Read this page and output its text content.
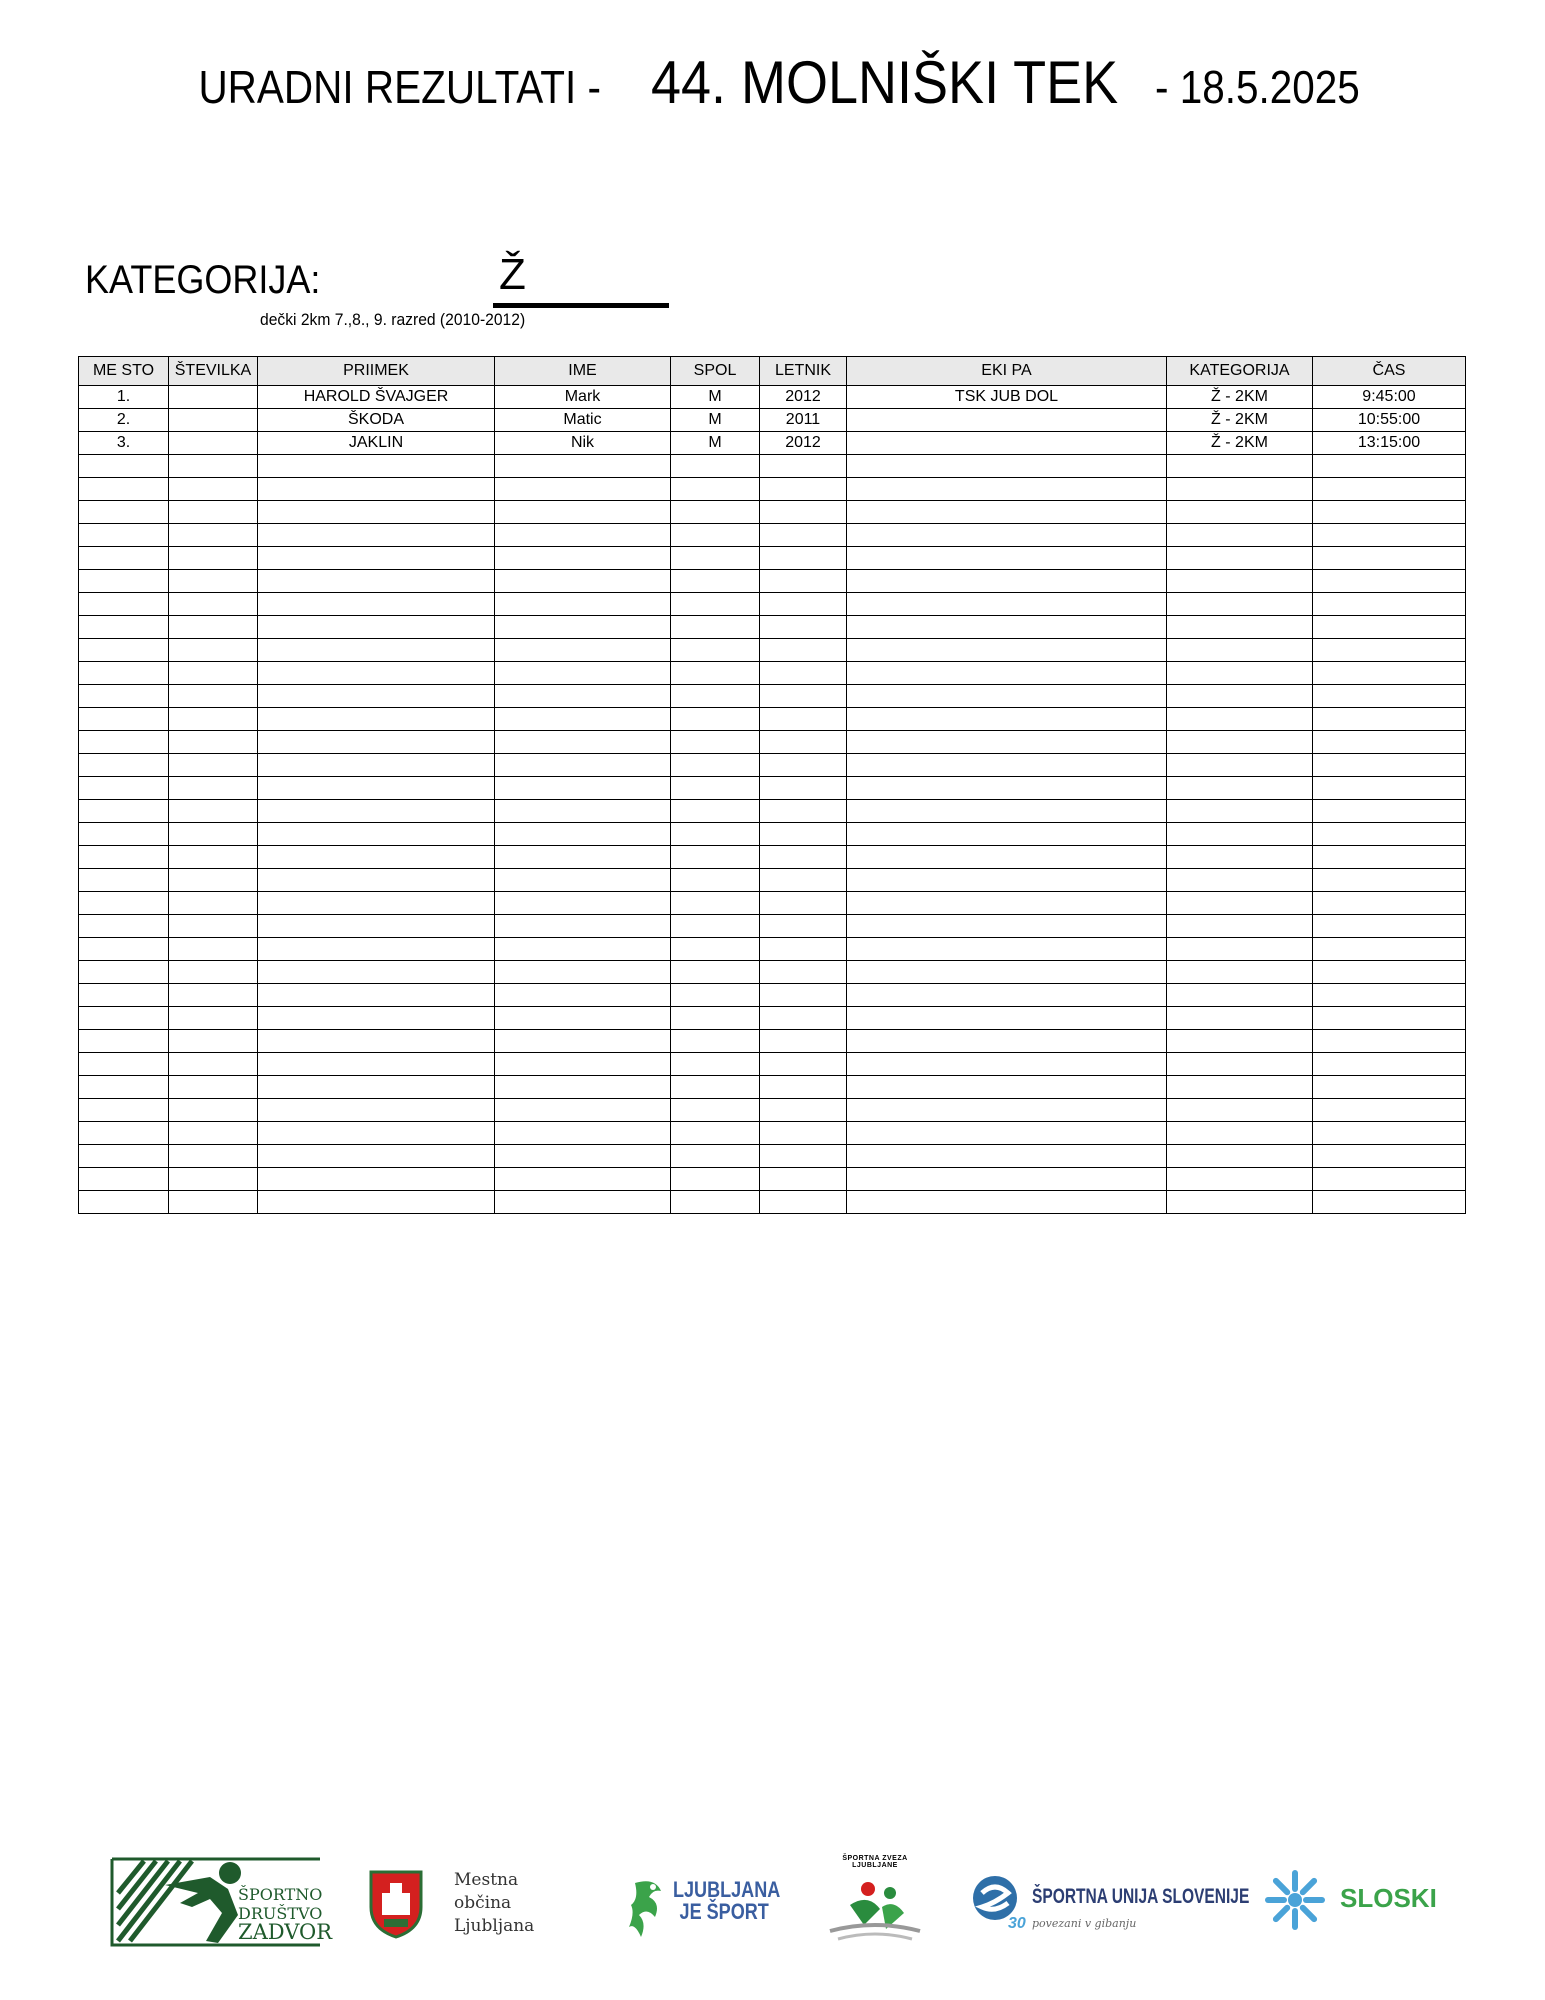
URADNI REZULTATI - 44. MOLNIŠKI TEK - 18.5.2025
KATEGORIJA:	Ž
dečki 2km 7.,8., 9. razred (2010-2012)
ME STO	ŠTEVILKA	PRIIMEK	IME	SPOL	LETNIK	EKI PA	KATEGORIJA	ČAS
1.		HAROLD ŠVAJGER	Mark	M	2012	TSK JUB DOL	Ž - 2KM	9:45:00
2.		ŠKODA	Matic	M	2011		Ž - 2KM	10:55:00
3.		JAKLIN	Nik	M	2012		Ž - 2KM	13:15:00

ŠPORTNO
DRUŠTVO
ZADVOR
Mestna občina
Ljubljana
LJUBLJANA
JE ŠPORT
ŠPORTNA ZVEZA LJUBLJANE
ŠPORTNA UNIJA SLOVENIJE
30 povezani v gibanju
SLOSKI
